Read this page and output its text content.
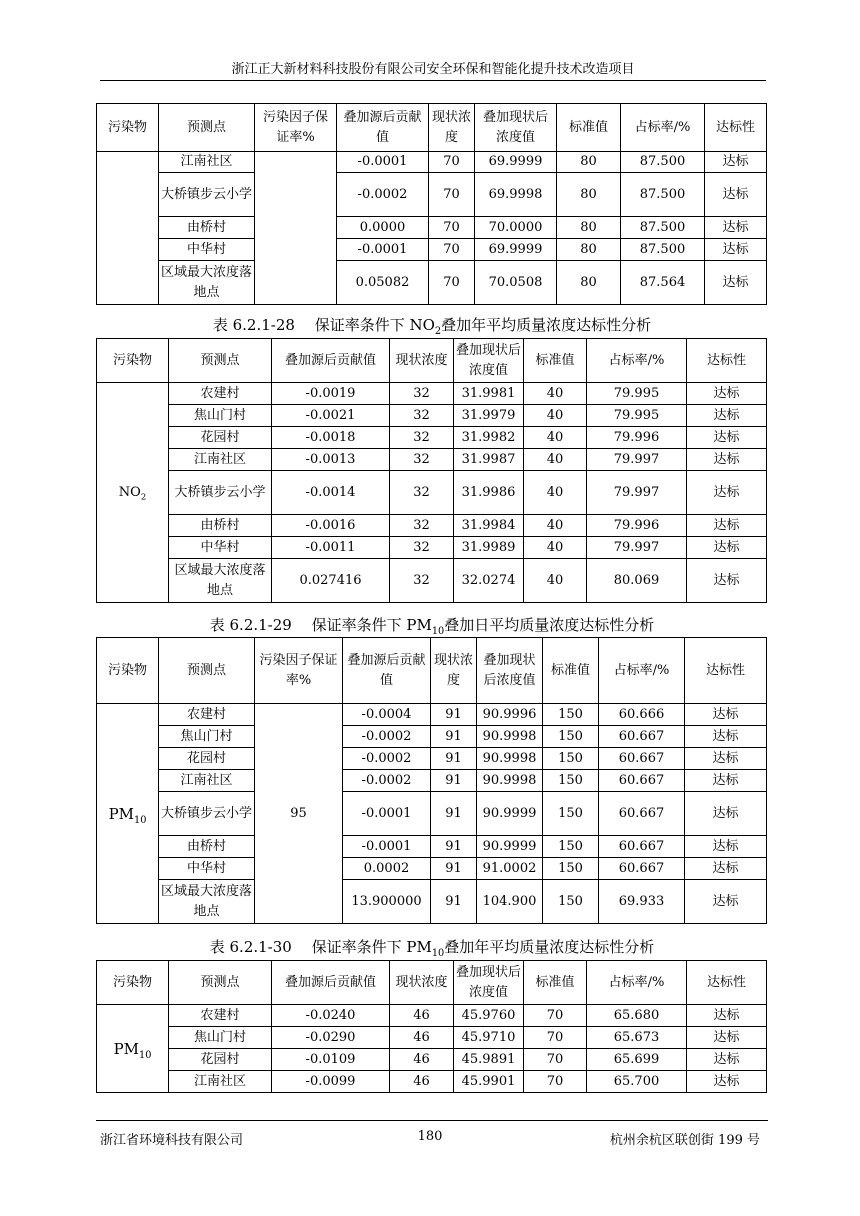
浙江正大新材料科技股份有限公司安全环保和智能化提升技术改造项目
污染物	预测点	污染因子保证率%	叠加源后贡献值	现状浓度	叠加现状后浓度值	标准值	占标率/%	达标性
	江南社区		-0.0001	70	69.9999	80	87.500	达标
	大桥镇步云小学		-0.0002	70	69.9998	80	87.500	达标
	由桥村		0.0000	70	70.0000	80	87.500	达标
	中华村		-0.0001	70	69.9999	80	87.500	达标
	区域最大浓度落地点		0.05082	70	70.0508	80	87.564	达标
表 6.2.1-28　 保证率条件下 $NO_2$叠加年平均质量浓度达标性分析
污染物	预测点	叠加源后贡献值	现状浓度	叠加现状后浓度值	标准值	占标率/%	达标性
$NO_2$	农建村	-0.0019	32	31.9981	40	79.995	达标
	焦山门村	-0.0021	32	31.9979	40	79.995	达标
	花园村	-0.0018	32	31.9982	40	79.996	达标
	江南社区	-0.0013	32	31.9987	40	79.997	达标
	大桥镇步云小学	-0.0014	32	31.9986	40	79.997	达标
	由桥村	-0.0016	32	31.9984	40	79.996	达标
	中华村	-0.0011	32	31.9989	40	79.997	达标
	区域最大浓度落地点	0.027416	32	32.0274	40	80.069	达标
表 6.2.1-29　 保证率条件下 $PM_{10}$叠加日平均质量浓度达标性分析
污染物	预测点	污染因子保证率%	叠加源后贡献值	现状浓度	叠加现状后浓度值	标准值	占标率/%	达标性
$PM_{10}$	农建村	95	-0.0004	91	90.9996	150	60.666	达标
	焦山门村		-0.0002	91	90.9998	150	60.667	达标
	花园村		-0.0002	91	90.9998	150	60.667	达标
	江南社区		-0.0002	91	90.9998	150	60.667	达标
	大桥镇步云小学		-0.0001	91	90.9999	150	60.667	达标
	由桥村		-0.0001	91	90.9999	150	60.667	达标
	中华村		0.0002	91	91.0002	150	60.667	达标
	区域最大浓度落地点		13.900000	91	104.900	150	69.933	达标
表 6.2.1-30　 保证率条件下 $PM_{10}$叠加年平均质量浓度达标性分析
污染物	预测点	叠加源后贡献值	现状浓度	叠加现状后浓度值	标准值	占标率/%	达标性
$PM_{10}$	农建村	-0.0240	46	45.9760	70	65.680	达标
	焦山门村	-0.0290	46	45.9710	70	65.673	达标
	花园村	-0.0109	46	45.9891	70	65.699	达标
	江南社区	-0.0099	46	45.9901	70	65.700	达标
浙江省环境科技有限公司	180	杭州余杭区联创街 199 号
